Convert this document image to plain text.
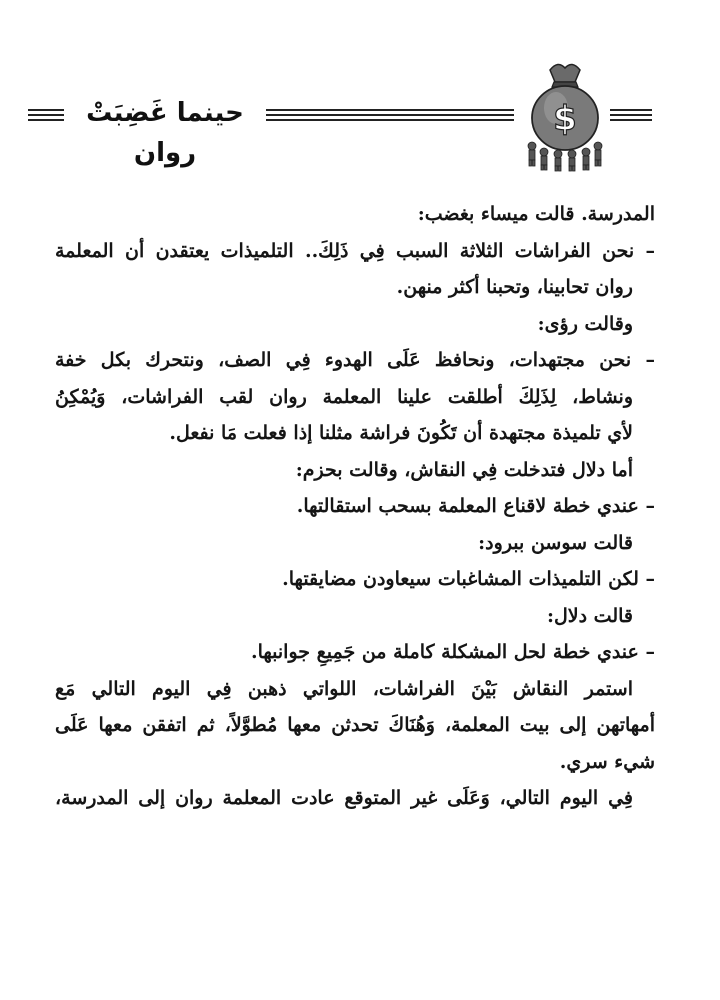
حينما غَضِبَتْ روان
$
المدرسة. قالت ميساء بغضب:
– نحن الفراشات الثلاثة السبب فِي ذَلِكَ.. التلميذات يعتقدن أن المعلمة
روان تحابينا، وتحبنا أكثر منهن.
وقالت رؤى:
– نحن مجتهدات، ونحافظ عَلَى الهدوء فِي الصف، ونتحرك بكل خفة
ونشاط، لِذَلِكَ أطلقت علينا المعلمة روان لقب الفراشات، وَيُمْكِنُ
لأي تلميذة مجتهدة أن تَكُونَ فراشة مثلنا إذا فعلت مَا نفعل.
أما دلال فتدخلت فِي النقاش، وقالت بحزم:
– عندي خطة لاقناع المعلمة بسحب استقالتها.
قالت سوسن ببرود:
– لكن التلميذات المشاغبات سيعاودن مضايقتها.
قالت دلال:
– عندي خطة لحل المشكلة كاملة من جَمِيعِ جوانبها.
استمر النقاش بَيْنَ الفراشات، اللواتي ذهبن فِي اليوم التالي مَع
أمهاتهن إلى بيت المعلمة، وَهُنَاكَ تحدثن معها مُطوَّلاً، ثم اتفقن معها عَلَى
شيء سري.
فِي اليوم التالي، وَعَلَى غير المتوقع عادت المعلمة روان إلى المدرسة،
